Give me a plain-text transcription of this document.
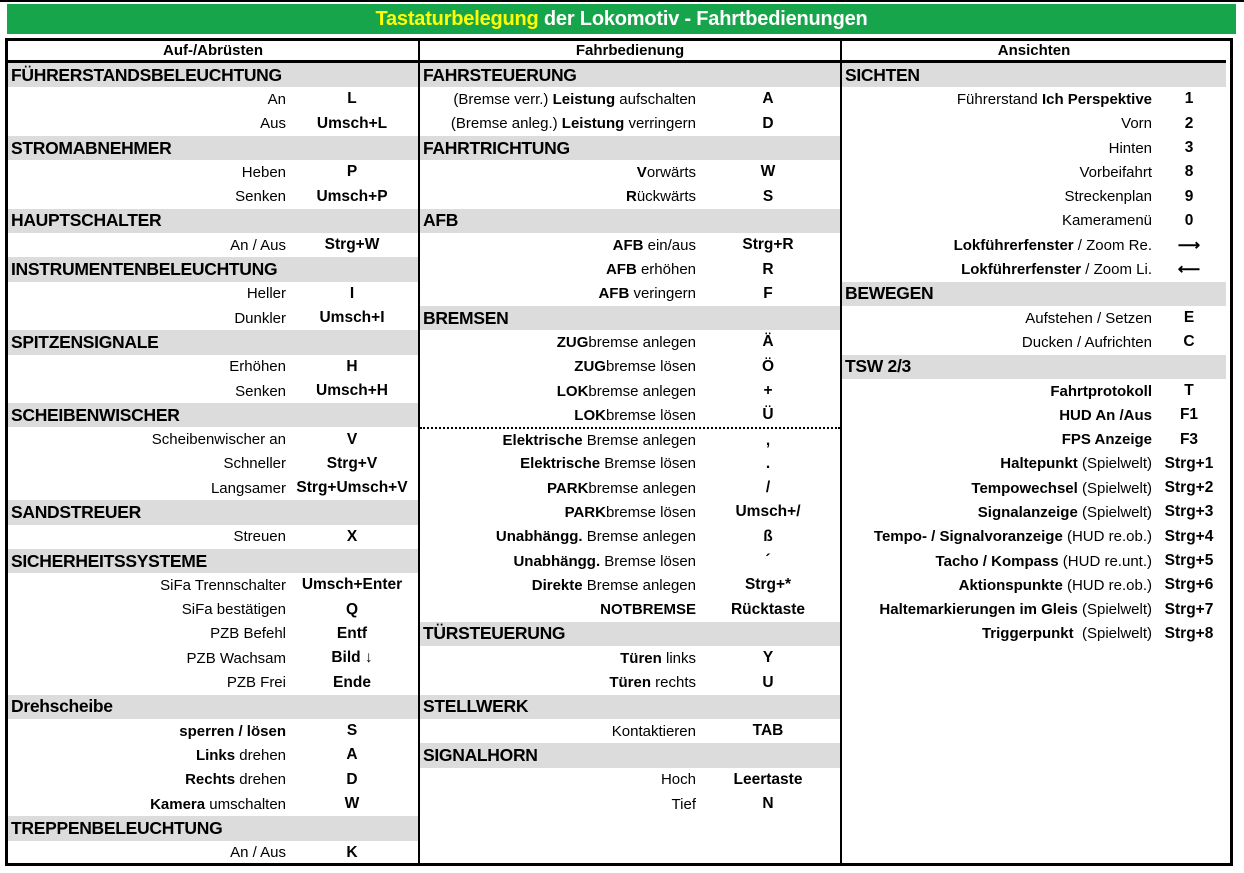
Tastaturbelegung der Lokomotiv - Fahrtbedienungen
Auf-/Abrüsten
FÜHRERSTANDSBELEUCHTUNG
An	L
Aus	Umsch+L
STROMABNEHMER
Heben	P
Senken	Umsch+P
HAUPTSCHALTER
An / Aus	Strg+W
INSTRUMENTENBELEUCHTUNG
Heller	I
Dunkler	Umsch+I
SPITZENSIGNALE
Erhöhen	H
Senken	Umsch+H
SCHEIBENWISCHER
Scheibenwischer an	V
Schneller	Strg+V
Langsamer Strg+Umsch+V
SANDSTREUER
Streuen	X
SICHERHEITSSYSTEME
SiFa Trennschalter	Umsch+Enter
SiFa bestätigen	Q
PZB Befehl	Entf
PZB Wachsam	Bild ↓
PZB Frei	Ende
Drehscheibe
sperren / lösen	S
Links drehen	A
Rechts drehen	D
Kamera umschalten	W
TREPPENBELEUCHTUNG
An / Aus	K
Fahrbedienung
FAHRSTEUERUNG
(Bremse verr.) Leistung aufschalten	A
(Bremse anleg.) Leistung verringern	D
FAHRTRICHTUNG
Vorwärts	W
Rückwärts	S
AFB
AFB ein/aus	Strg+R
AFB erhöhen	R
AFB veringern	F
BREMSEN
ZUGbremse anlegen	Ä
ZUGbremse lösen	Ö
LOKbremse anlegen	+
LOKbremse lösen	Ü
Elektrische Bremse anlegen	,
Elektrische Bremse lösen	.
PARKbremse anlegen	/
PARKbremse lösen	Umsch+/
Unabhängg. Bremse anlegen	ß
Unabhängg. Bremse lösen	´
Direkte Bremse anlegen	Strg+*
NOTBREMSE	Rücktaste
TÜRSTEUERUNG
Türen links	Y
Türen rechts	U
STELLWERK
Kontaktieren	TAB
SIGNALHORN
Hoch	Leertaste
Tief	N
Ansichten
SICHTEN
Führerstand Ich Perspektive	1
Vorn	2
Hinten	3
Vorbeifahrt	8
Streckenplan	9
Kameramenü	0
Lokführerfenster / Zoom Re.	⟶
Lokführerfenster / Zoom Li.	⟵
BEWEGEN
Aufstehen / Setzen	E
Ducken / Aufrichten	C
TSW 2/3
Fahrtprotokoll	T
HUD An /Aus	F1
FPS Anzeige	F3
Haltepunkt (Spielwelt) Strg+1
Tempowechsel (Spielwelt) Strg+2
Signalanzeige (Spielwelt) Strg+3
Tempo- / Signalvoranzeige (HUD re.ob.) Strg+4
Tacho / Kompass (HUD re.unt.) Strg+5
Aktionspunkte (HUD re.ob.) Strg+6
Haltemarkierungen im Gleis (Spielwelt) Strg+7
Triggerpunkt  (Spielwelt) Strg+8
